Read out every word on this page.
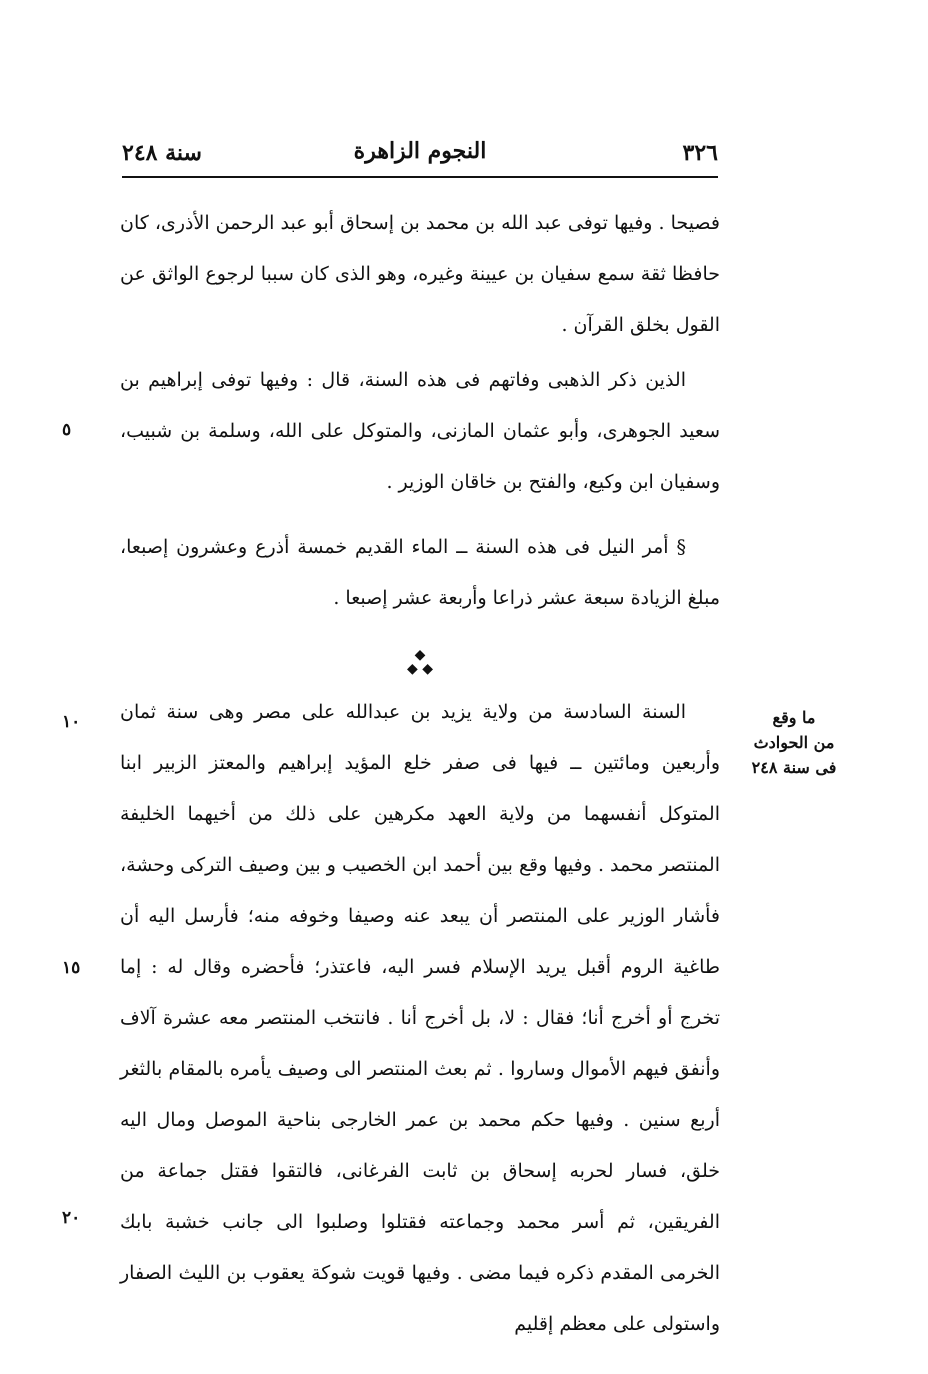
٣٢٦
النجوم الزاهرة
سنة ٢٤٨
فصيحا . وفيها توفى عبد الله بن محمد بن إسحاق أبو عبد الرحمن الأذرى، كان حافظا ثقة سمع سفيان بن عيينة وغيره، وهو الذى كان سببا لرجوع الواثق عن القول بخلق القرآن .
الذين ذكر الذهبى وفاتهم فى هذه السنة، قال : وفيها توفى إبراهيم بن سعيد الجوهرى، وأبو عثمان المازنى، والمتوكل على الله، وسلمة بن شبيب، وسفيان ابن وكيع، والفتح بن خاقان الوزير .
§ أمر النيل فى هذه السنة ــ الماء القديم خمسة أذرع وعشرون إصبعا، مبلغ الزيادة سبعة عشر ذراعا وأربعة عشر إصبعا .
◆
◆ ◆
السنة السادسة من ولاية يزيد بن عبدالله على مصر وهى سنة ثمان وأربعين ومائتين ــ فيها فى صفر خلع المؤيد إبراهيم والمعتز الزبير ابنا المتوكل أنفسهما من ولاية العهد مكرهين على ذلك من أخيهما الخليفة المنتصر محمد . وفيها وقع بين أحمد ابن الخصيب و بين وصيف التركى وحشة، فأشار الوزير على المنتصر أن يبعد عنه وصيفا وخوفه منه؛ فأرسل اليه أن طاغية الروم أقبل يريد الإسلام فسر اليه، فاعتذر؛ فأحضره وقال له : إما تخرج أو أخرج أنا؛ فقال : لا، بل أخرج أنا . فانتخب المنتصر معه عشرة آلاف وأنفق فيهم الأموال وساروا . ثم بعث المنتصر الى وصيف يأمره بالمقام بالثغر أربع سنين . وفيها حكم محمد بن عمر الخارجى بناحية الموصل ومال اليه خلق، فسار لحربه إسحاق بن ثابت الفرغانى، فالتقوا فقتل جماعة من الفريقين، ثم أسر محمد وجماعته فقتلوا وصلبوا الى جانب خشبة بابك الخرمى المقدم ذكره فيما مضى . وفيها قويت شوكة يعقوب بن الليث الصفار واستولى على معظم إقليم
ما وقع
من الحوادث
فى سنة ٢٤٨
٥
١٠
١٥
٢٠
